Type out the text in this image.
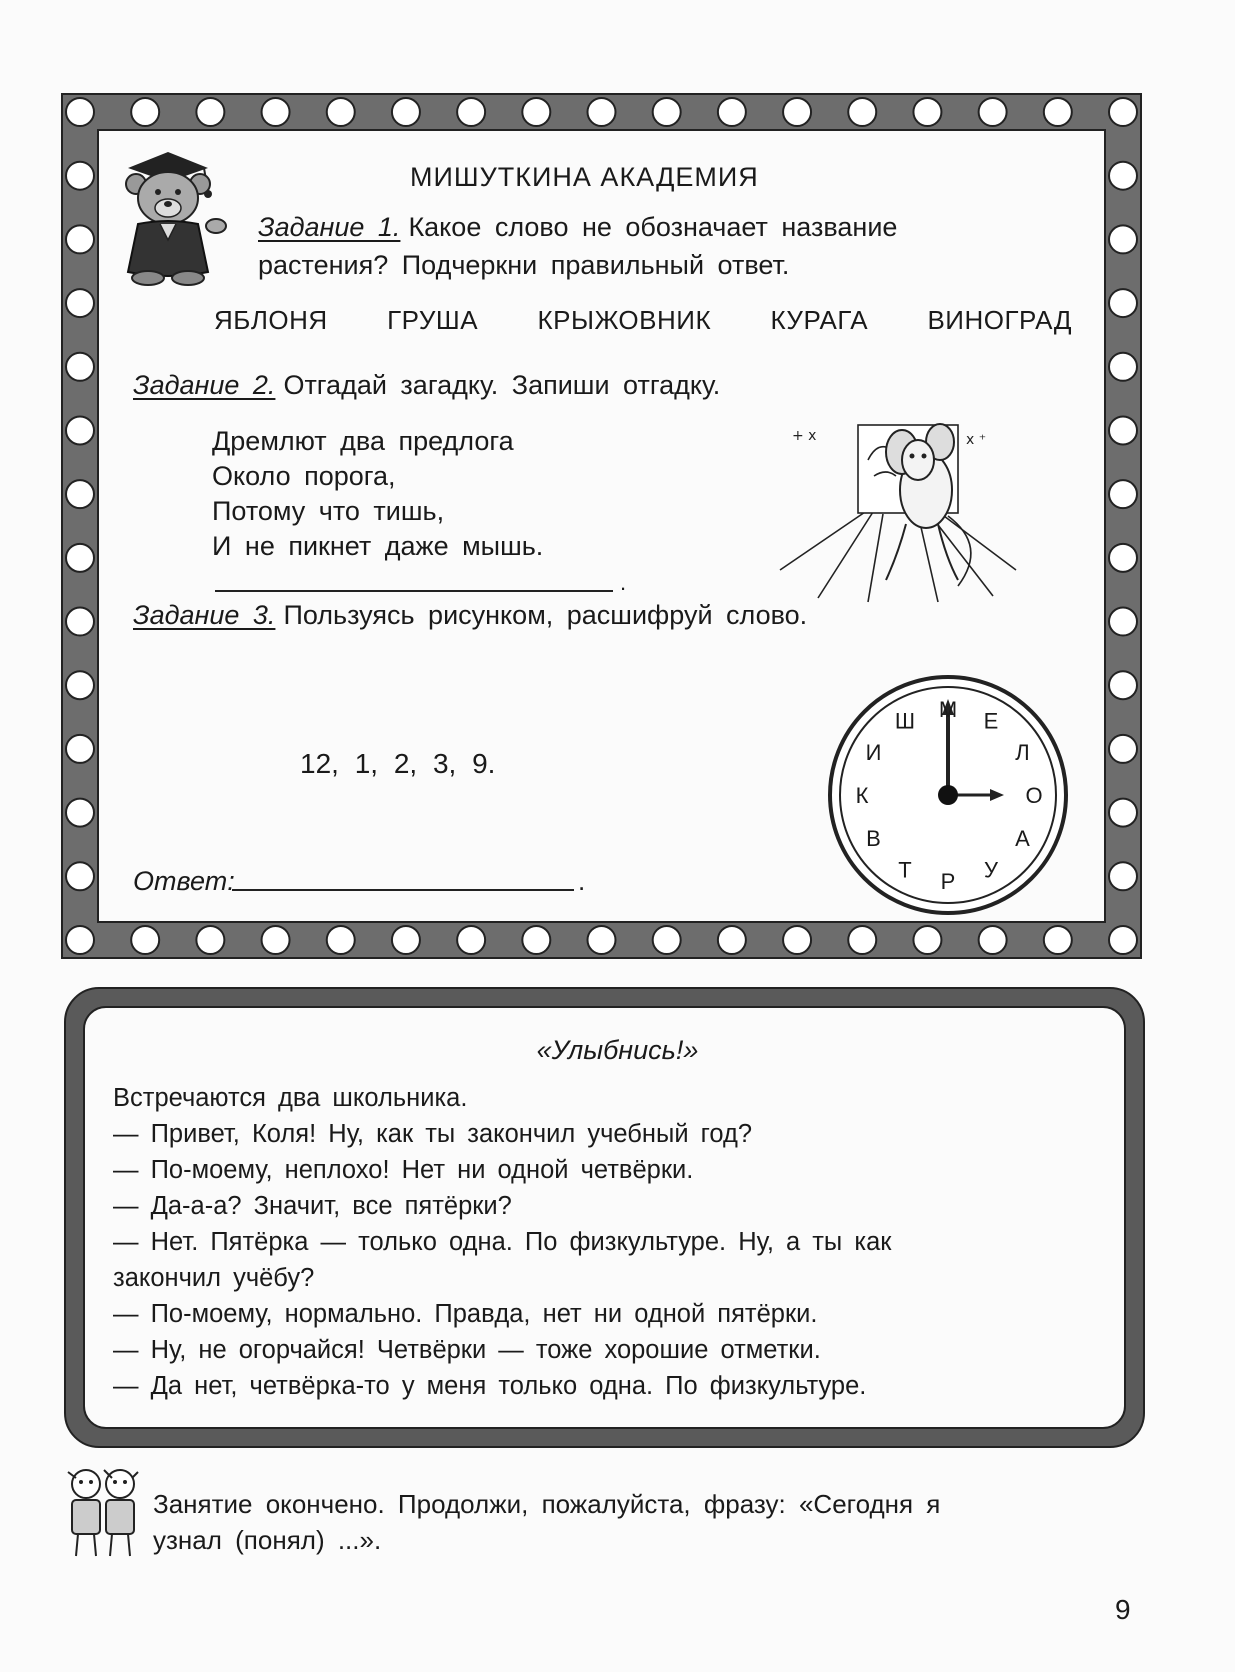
МИШУТКИНА АКАДЕМИЯ
Задание 1. Какое слово не обозначает название
растения? Подчеркни правильный ответ.
ЯБЛОНЯ ГРУША КРЫЖОВНИК КУРАГА ВИНОГРАД
Задание 2. Отгадай загадку. Запиши отгадку.
Дремлют два предлога
Около порога,
Потому что тишь,
И не пикнет даже мышь.
.
+ x	x ⁺
Задание 3. Пользуясь рисунком, расшифруй слово.
12, 1, 2, 3, 9.
Ответ:	.
М Е
Л
О
А
У
Р
Т
В
К
И
Ш
«Улыбнись!»
Встречаются два школьника.
— Привет, Коля! Ну, как ты закончил учебный год?
— По-моему, неплохо! Нет ни одной четвёрки.
— Да-а-а? Значит, все пятёрки?
— Нет. Пятёрка — только одна. По физкультуре. Ну, а ты как
закончил учёбу?
— По-моему, нормально. Правда, нет ни одной пятёрки.
— Ну, не огорчайся! Четвёрки — тоже хорошие отметки.
— Да нет, четвёрка-то у меня только одна. По физкультуре.
Занятие окончено. Продолжи, пожалуйста, фразу: «Сегодня я
узнал (понял) ...».
9
